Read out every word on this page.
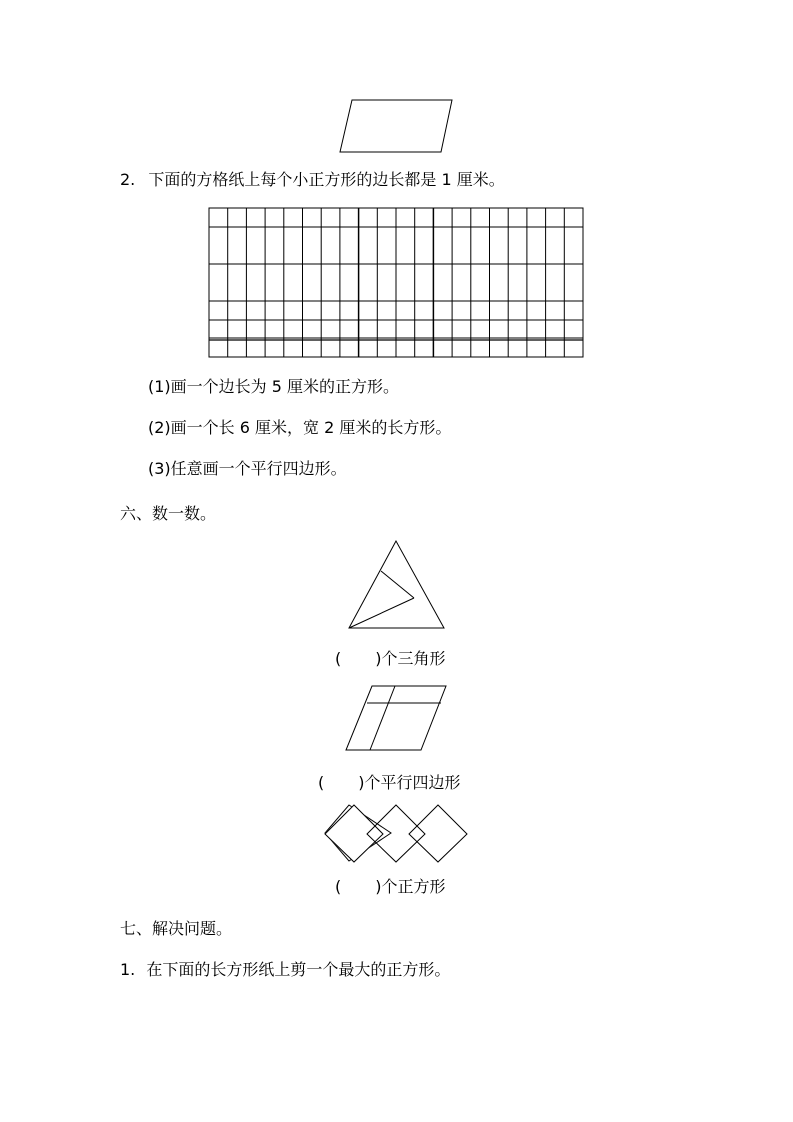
2. 下面的方格纸上每个小正方形的边长都是 1 厘米。
(1)画一个边长为 5 厘米的正方形。
(2)画一个长 6 厘米，宽 2 厘米的长方形。
(3)任意画一个平行四边形。
六、数一数。
( )个三角形
( )个平行四边形
( )个正方形
七、解决问题。
1. 在下面的长方形纸上剪一个最大的正方形。
